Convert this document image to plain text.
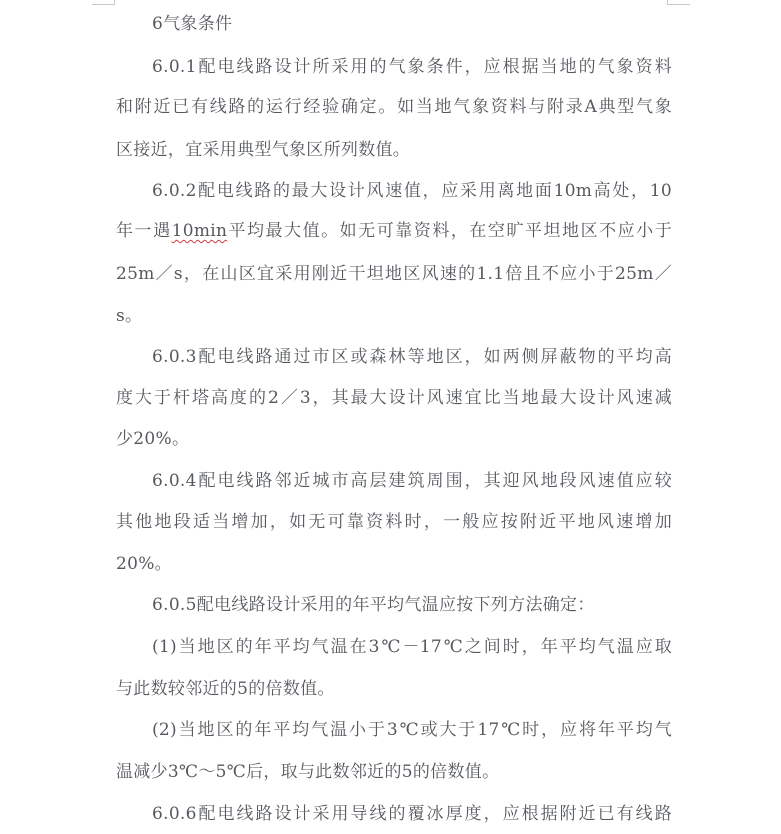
6气象条件
6.0.1配电线路设计所采用的气象条件，应根据当地的气象资料
和附近已有线路的运行经验确定。如当地气象资料与附录A典型气象
区接近，宜采用典型气象区所列数值。
6.0.2配电线路的最大设计风速值，应采用离地面10m高处，10
年一遇10min平均最大值。如无可靠资料，在空旷平坦地区不应小于
25m／s，在山区宜采用刚近干坦地区风速的1.1倍且不应小于25m／
s。
6.0.3配电线路通过市区或森林等地区，如两侧屏蔽物的平均高
度大于杆塔高度的2／3，其最大设计风速宜比当地最大设计风速减
少20%。
6.0.4配电线路邻近城市高层建筑周围，其迎风地段风速值应较
其他地段适当增加，如无可靠资料时，一般应按附近平地风速增加
20%。
6.0.5配电线路设计采用的年平均气温应按下列方法确定：
(1)当地区的年平均气温在3℃－17℃之间时，年平均气温应取
与此数较邻近的5的倍数值。
(2)当地区的年平均气温小于3℃或大于17℃时，应将年平均气
温减少3℃～5℃后，取与此数邻近的5的倍数值。
6.0.6配电线路设计采用导线的覆冰厚度，应根据附近已有线路
